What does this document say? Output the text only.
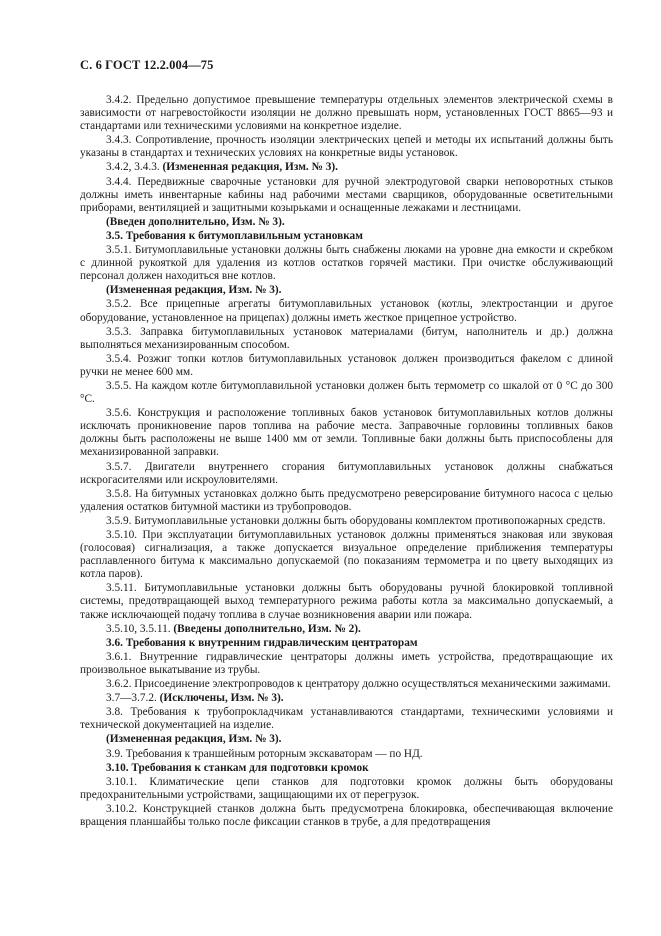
С. 6 ГОСТ 12.2.004—75

3.4.2. Предельно допустимое превышение температуры отдельных элементов электрической схемы в зависимости от нагревостойкости изоляции не должно превышать норм, установленных ГОСТ 8865—93 и стандартами или техническими условиями на конкретное изделие.

3.4.3. Сопротивление, прочность изоляции электрических цепей и методы их испытаний должны быть указаны в стандартах и технических условиях на конкретные виды установок.

3.4.2, 3.4.3. (Измененная редакция, Изм. № 3).

3.4.4. Передвижные сварочные установки для ручной электродуговой сварки неповоротных стыков должны иметь инвентарные кабины над рабочими местами сварщиков, оборудованные осветительными приборами, вентиляцией и защитными козырьками и оснащенные лежаками и лестницами.

(Введен дополнительно, Изм. № 3).

3.5. Требования к битумоплавильным установкам

3.5.1. Битумоплавильные установки должны быть снабжены люками на уровне дна емкости и скребком с длинной рукояткой для удаления из котлов остатков горячей мастики. При очистке обслуживающий персонал должен находиться вне котлов.

(Измененная редакция, Изм. № 3).

3.5.2. Все прицепные агрегаты битумоплавильных установок (котлы, электростанции и другое оборудование, установленное на прицепах) должны иметь жесткое прицепное устройство.

3.5.3. Заправка битумоплавильных установок материалами (битум, наполнитель и др.) должна выполняться механизированным способом.

3.5.4. Розжиг топки котлов битумоплавильных установок должен производиться факелом с длиной ручки не менее 600 мм.

3.5.5. На каждом котле битумоплавильной установки должен быть термометр со шкалой от 0 °С до 300 °С.

3.5.6. Конструкция и расположение топливных баков установок битумоплавильных котлов должны исключать проникновение паров топлива на рабочие места. Заправочные горловины топливных баков должны быть расположены не выше 1400 мм от земли. Топливные баки должны быть приспособлены для механизированной заправки.

3.5.7. Двигатели внутреннего сгорания битумоплавильных установок должны снабжаться искрогасителями или искроуловителями.

3.5.8. На битумных установках должно быть предусмотрено реверсирование битумного насоса с целью удаления остатков битумной мастики из трубопроводов.

3.5.9. Битумоплавильные установки должны быть оборудованы комплектом противопожарных средств.

3.5.10. При эксплуатации битумоплавильных установок должны применяться знаковая или звуковая (голосовая) сигнализация, а также допускается визуальное определение приближения температуры расплавленного битума к максимально допускаемой (по показаниям термометра и по цвету выходящих из котла паров).

3.5.11. Битумоплавильные установки должны быть оборудованы ручной блокировкой топливной системы, предотвращающей выход температурного режима работы котла за максимально допускаемый, а также исключающей подачу топлива в случае возникновения аварии или пожара.

3.5.10, 3.5.11. (Введены дополнительно, Изм. № 2).

3.6. Требования к внутренним гидравлическим центраторам

3.6.1. Внутренние гидравлические центраторы должны иметь устройства, предотвращающие их произвольное выкатывание из трубы.

3.6.2. Присоединение электропроводов к центратору должно осуществляться механическими зажимами.

3.7—3.7.2. (Исключены, Изм. № 3).

3.8. Требования к трубопрокладчикам устанавливаются стандартами, техническими условиями и технической документацией на изделие.

(Измененная редакция, Изм. № 3).

3.9. Требования к траншейным роторным экскаваторам — по НД.

3.10. Требования к станкам для подготовки кромок

3.10.1. Климатические цепи станков для подготовки кромок должны быть оборудованы предохранительными устройствами, защищающими их от перегрузок.

3.10.2. Конструкцией станков должна быть предусмотрена блокировка, обеспечивающая включение вращения планшайбы только после фиксации станков в трубе, а для предотвращения
